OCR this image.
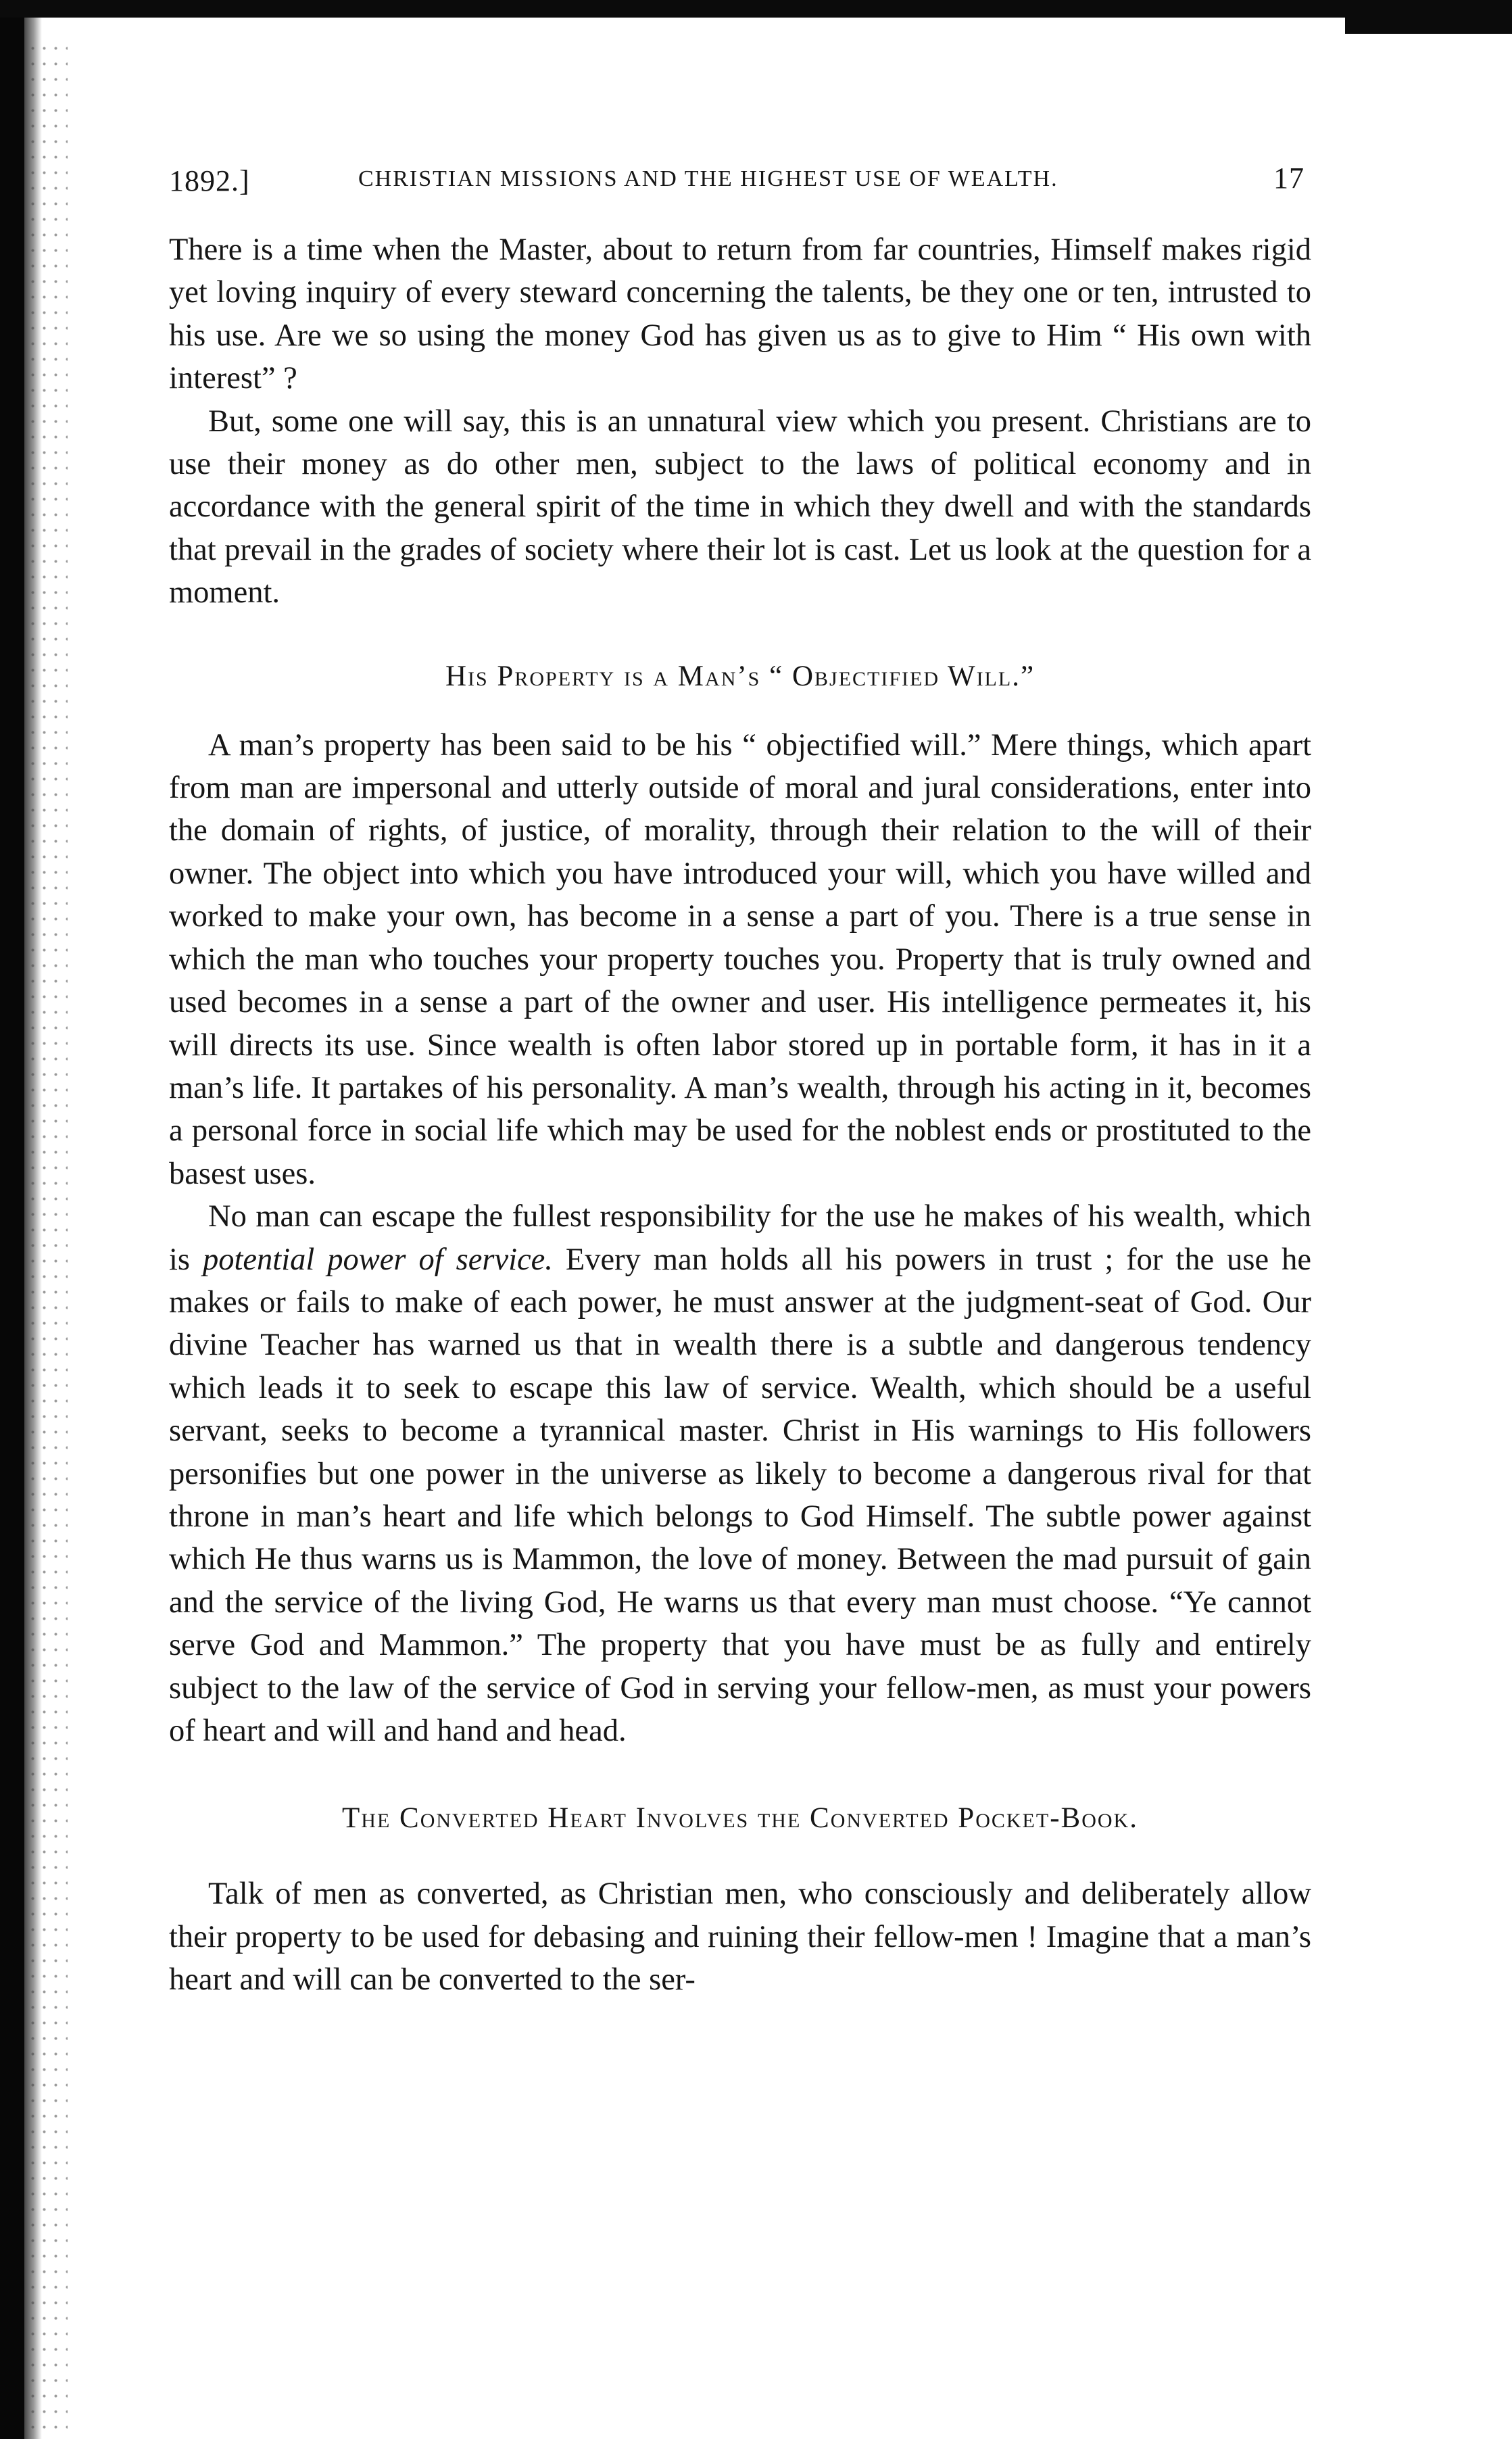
1892.]	CHRISTIAN MISSIONS AND THE HIGHEST USE OF WEALTH.	17

There is a time when the Master, about to return from far countries, Himself makes rigid yet loving inquiry of every steward concerning the talents, be they one or ten, intrusted to his use. Are we so using the money God has given us as to give to Him “ His own with interest” ?

But, some one will say, this is an unnatural view which you present. Christians are to use their money as do other men, subject to the laws of political economy and in accordance with the general spirit of the time in which they dwell and with the standards that prevail in the grades of society where their lot is cast. Let us look at the question for a moment.

His Property is a Man’s “ Objectified Will.”

A man’s property has been said to be his “ objectified will.” Mere things, which apart from man are impersonal and utterly outside of moral and jural considerations, enter into the domain of rights, of justice, of morality, through their relation to the will of their owner. The object into which you have introduced your will, which you have willed and worked to make your own, has become in a sense a part of you. There is a true sense in which the man who touches your property touches you. Property that is truly owned and used becomes in a sense a part of the owner and user. His intelligence permeates it, his will directs its use. Since wealth is often labor stored up in portable form, it has in it a man’s life. It partakes of his personality. A man’s wealth, through his acting in it, becomes a personal force in social life which may be used for the noblest ends or prostituted to the basest uses.

No man can escape the fullest responsibility for the use he makes of his wealth, which is potential power of service. Every man holds all his powers in trust ; for the use he makes or fails to make of each power, he must answer at the judgment-seat of God. Our divine Teacher has warned us that in wealth there is a subtle and dangerous tendency which leads it to seek to escape this law of service. Wealth, which should be a useful servant, seeks to become a tyrannical master. Christ in His warnings to His followers personifies but one power in the universe as likely to become a dangerous rival for that throne in man’s heart and life which belongs to God Himself. The subtle power against which He thus warns us is Mammon, the love of money. Between the mad pursuit of gain and the service of the living God, He warns us that every man must choose. “Ye cannot serve God and Mammon.” The property that you have must be as fully and entirely subject to the law of the service of God in serving your fellow-men, as must your powers of heart and will and hand and head.

The Converted Heart Involves the Converted Pocket-Book.

Talk of men as converted, as Christian men, who consciously and deliberately allow their property to be used for debasing and ruining their fellow-men ! Imagine that a man’s heart and will can be converted to the ser-
